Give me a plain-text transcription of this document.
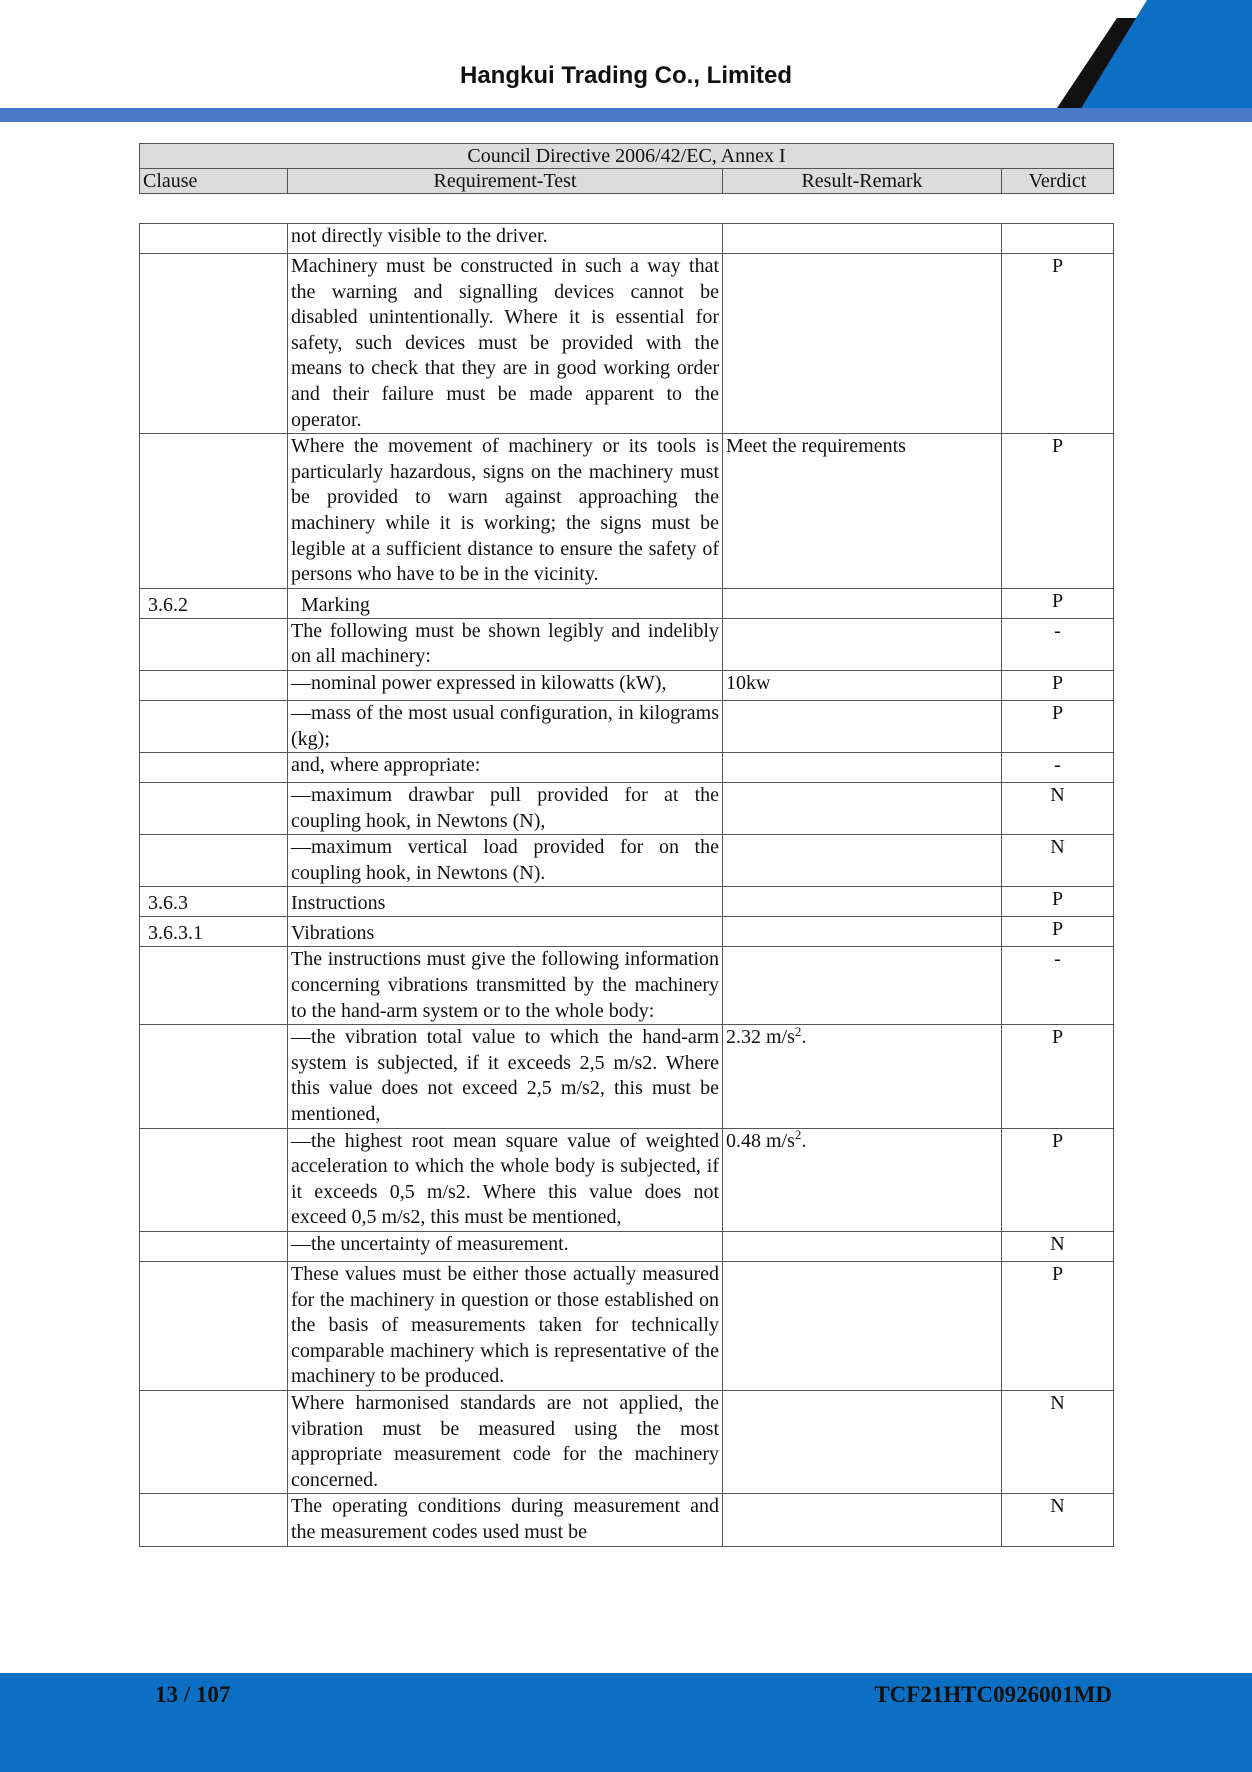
Hangkui Trading Co., Limited
Council Directive 2006/42/EC, Annex I
Clause	Requirement-Test	Result-Remark	Verdict
	not directly visible to the driver.		
	Machinery must be constructed in such a way that the warning and signalling devices cannot be disabled unintentionally. Where it is essential for safety, such devices must be provided with the means to check that they are in good working order and their failure must be made apparent to the operator.		P
	Where the movement of machinery or its tools is particularly hazardous, signs on the machinery must be provided to warn against approaching the machinery while it is working; the signs must be legible at a sufficient distance to ensure the safety of persons who have to be in the vicinity.	Meet the requirements	P
3.6.2	Marking		P
	The following must be shown legibly and indelibly on all machinery:		-
	—nominal power expressed in kilowatts (kW),	10kw	P
	—mass of the most usual configuration, in kilograms (kg);		P
	and, where appropriate:		-
	—maximum drawbar pull provided for at the coupling hook, in Newtons (N),		N
	—maximum vertical load provided for on the coupling hook, in Newtons (N).		N
3.6.3	Instructions		P
3.6.3.1	Vibrations		P
	The instructions must give the following information concerning vibrations transmitted by the machinery to the hand-arm system or to the whole body:		-
	—the vibration total value to which the hand-arm system is subjected, if it exceeds 2,5 m/s2. Where this value does not exceed 2,5 m/s2, this must be mentioned,	2.32 $m/s^2$.	P
	—the highest root mean square value of weighted acceleration to which the whole body is subjected, if it exceeds 0,5 m/s2. Where this value does not exceed 0,5 m/s2, this must be mentioned,	0.48 $m/s^2$.	P
	—the uncertainty of measurement.		N
	These values must be either those actually measured for the machinery in question or those established on the basis of measurements taken for technically comparable machinery which is representative of the machinery to be produced.		P
	Where harmonised standards are not applied, the vibration must be measured using the most appropriate measurement code for the machinery concerned.		N
	The operating conditions during measurement and the measurement codes used must be		N
13 / 107	TCF21HTC0926001MD
